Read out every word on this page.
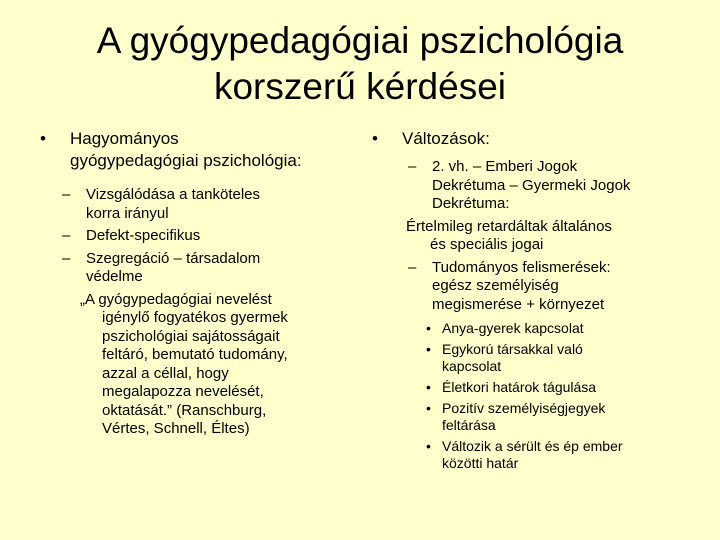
A gyógypedagógiai pszichológia
korszerű kérdései
• Hagyományos
gyógypedagógiai pszichológia:
– Vizsgálódása a tanköteles
korra irányul
– Defekt-specifikus
– Szegregáció – társadalom
védelme
„A gyógypedagógiai nevelést
igénylő fogyatékos gyermek
pszichológiai sajátosságait
feltáró, bemutató tudomány,
azzal a céllal, hogy
megalapozza nevelését,
oktatását.” (Ranschburg,
Vértes, Schnell, Éltes)
• Változások:
– 2. vh. – Emberi Jogok
Dekrétuma – Gyermeki Jogok
Dekrétuma:
Értelmileg retardáltak általános
és speciális jogai
– Tudományos felismerések:
egész személyiség
megismerése + környezet
• Anya-gyerek kapcsolat
• Egykorú társakkal való
kapcsolat
• Életkori határok tágulása
• Pozitív személyiségjegyek
feltárása
• Változik a sérült és ép ember
közötti határ
